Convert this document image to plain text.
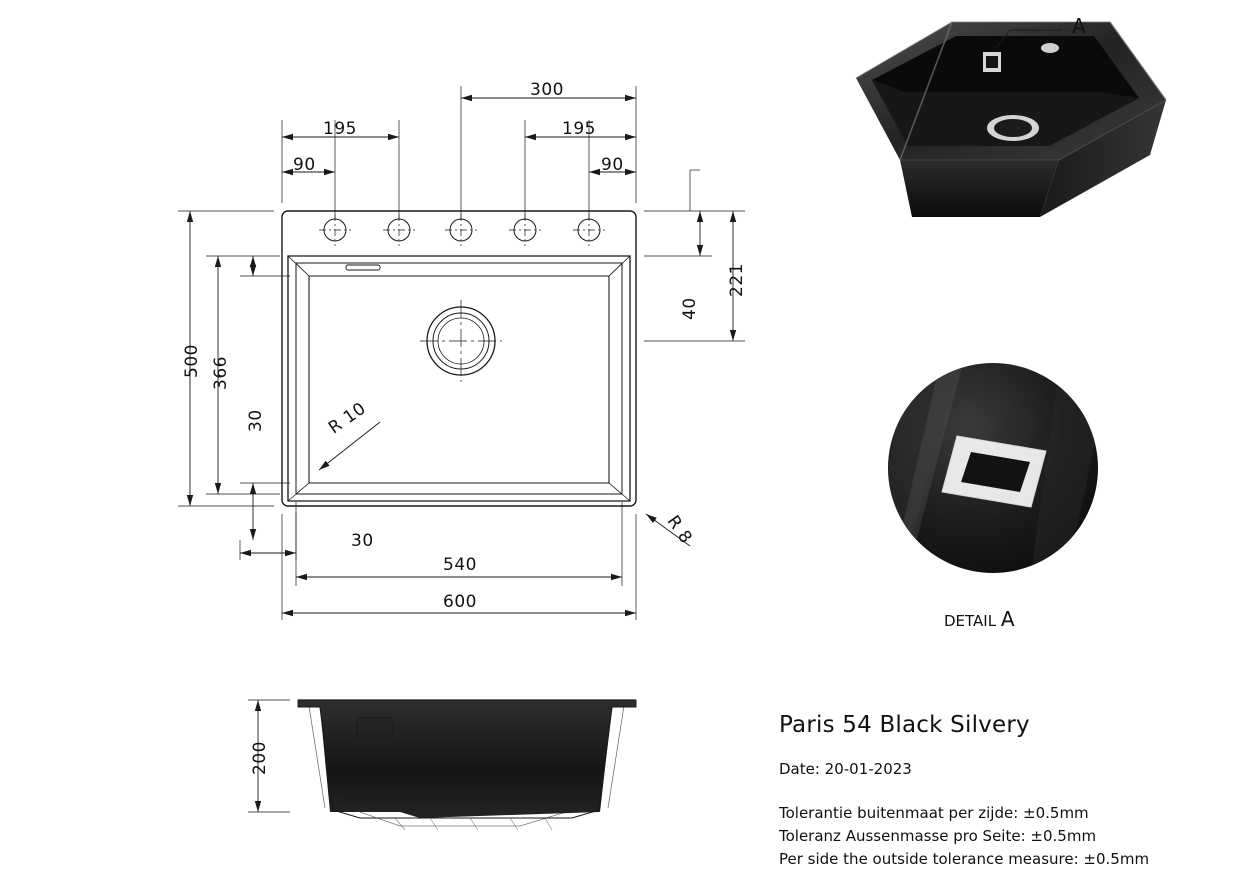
300
195	195
90	90
500 366
30
221
40
30
540
600
R 10
R 8
200
A
DETAIL A

Paris 54 Black Silvery

Date: 20-01-2023

Tolerantie buitenmaat per zijde: ±0.5mm

Toleranz Aussenmasse pro Seite: ±0.5mm

Per side the outside tolerance measure: ±0.5mm
